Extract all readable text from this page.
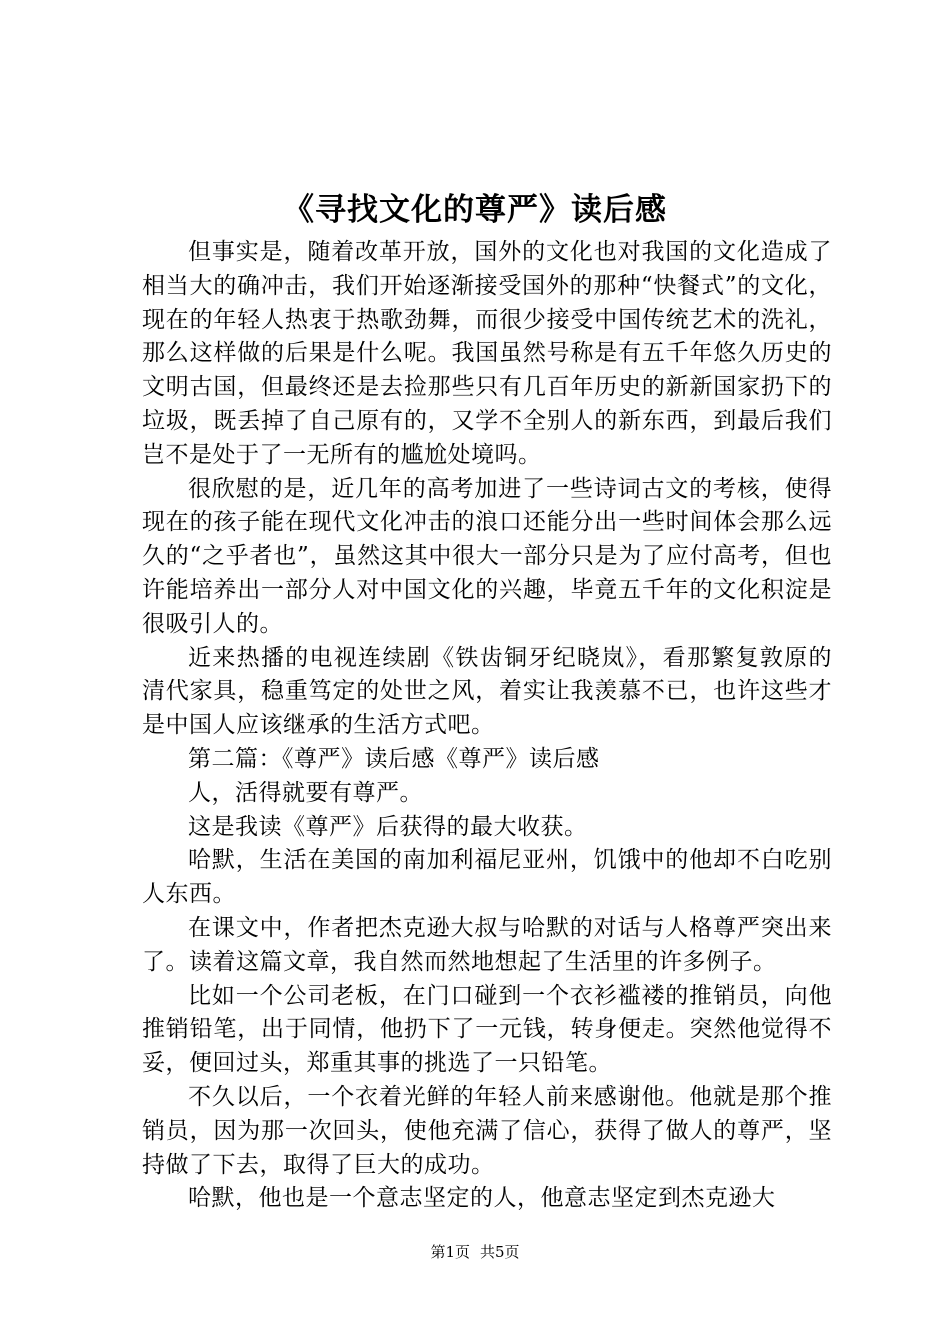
《寻找文化的尊严》读后感

但事实是，随着改革开放，国外的文化也对我国的文化造成了相当大的确冲击，我们开始逐渐接受国外的那种“快餐式”的文化，现在的年轻人热衷于热歌劲舞，而很少接受中国传统艺术的洗礼，那么这样做的后果是什么呢。我国虽然号称是有五千年悠久历史的文明古国，但最终还是去捡那些只有几百年历史的新新国家扔下的垃圾，既丢掉了自己原有的，又学不全别人的新东西，到最后我们岂不是处于了一无所有的尴尬处境吗。

很欣慰的是，近几年的高考加进了一些诗词古文的考核，使得现在的孩子能在现代文化冲击的浪口还能分出一些时间体会那么远久的“之乎者也”，虽然这其中很大一部分只是为了应付高考，但也许能培养出一部分人对中国文化的兴趣，毕竟五千年的文化积淀是很吸引人的。

近来热播的电视连续剧《铁齿铜牙纪晓岚》，看那繁复敦原的清代家具，稳重笃定的处世之风，着实让我羡慕不已，也许这些才是中国人应该继承的生活方式吧。

第二篇：《尊严》读后感《尊严》读后感

人，活得就要有尊严。

这是我读《尊严》后获得的最大收获。

哈默，生活在美国的南加利福尼亚州，饥饿中的他却不白吃别人东西。

在课文中，作者把杰克逊大叔与哈默的对话与人格尊严突出来了。读着这篇文章，我自然而然地想起了生活里的许多例子。

比如一个公司老板，在门口碰到一个衣衫褴褛的推销员，向他推销铅笔，出于同情，他扔下了一元钱，转身便走。突然他觉得不妥，便回过头，郑重其事的挑选了一只铅笔。

不久以后，一个衣着光鲜的年轻人前来感谢他。他就是那个推销员，因为那一次回头，使他充满了信心，获得了做人的尊严，坚持做了下去，取得了巨大的成功。

哈默，他也是一个意志坚定的人，他意志坚定到杰克逊大

第1页 共5页
